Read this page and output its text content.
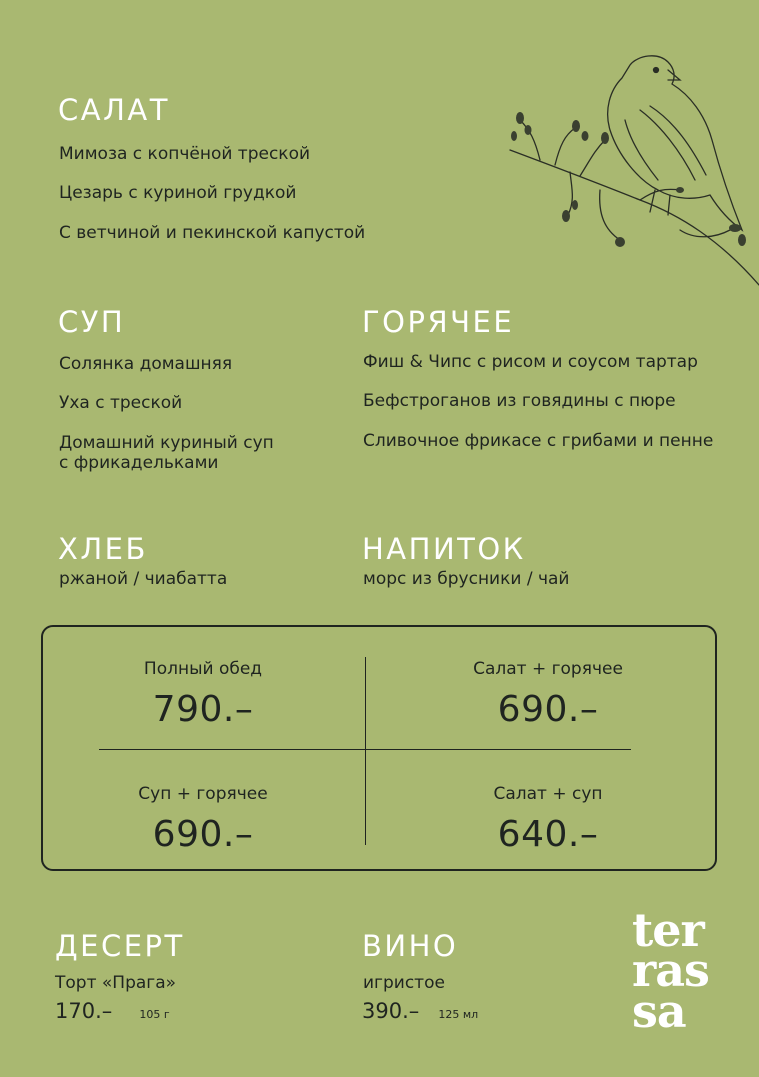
САЛАТ
Мимоза с копчёной треской
Цезарь с куриной грудкой
С ветчиной и пекинской капустой
СУП
Солянка домашняя
Уха с треской
Домашний куриный суп
с фрикадельками
ГОРЯЧЕЕ
Фиш & Чипс с рисом и соусом тартар
Бефстроганов из говядины с пюре
Сливочное фрикасе с грибами и пенне
ХЛЕБ
ржаной / чиабатта
НАПИТОК
морс из брусники / чай
Полный обед
790.–
Салат + горячее
690.–
Суп + горячее
690.–
Салат + суп
640.–
ДЕСЕРТ
Торт «Прага»
170.– 105 г
ВИНО
игристое
390.– 125 мл
ter
ras
sa
